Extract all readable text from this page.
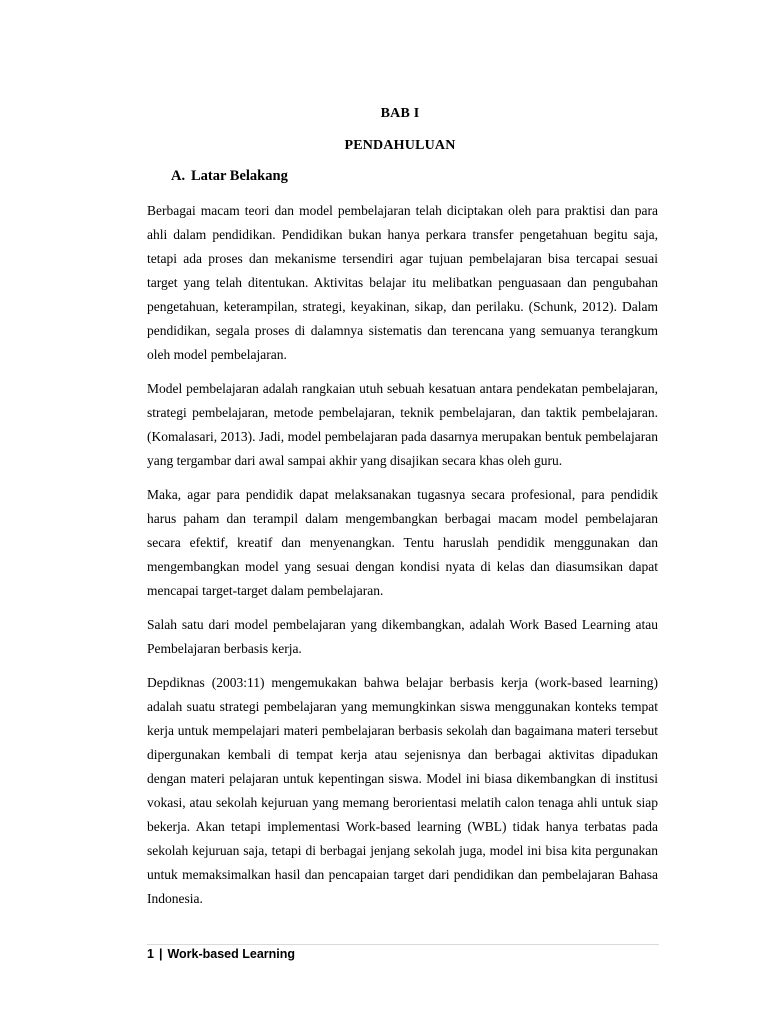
BAB I
PENDAHULUAN
A. Latar Belakang

Berbagai macam teori dan model pembelajaran telah diciptakan oleh para praktisi dan para ahli dalam pendidikan. Pendidikan bukan hanya perkara transfer pengetahuan begitu saja, tetapi ada proses dan mekanisme tersendiri agar tujuan pembelajaran bisa tercapai sesuai target yang telah ditentukan. Aktivitas belajar itu melibatkan penguasaan dan pengubahan pengetahuan, keterampilan, strategi, keyakinan, sikap, dan perilaku. (Schunk, 2012). Dalam pendidikan, segala proses di dalamnya sistematis dan terencana yang semuanya terangkum oleh model pembelajaran.

Model pembelajaran adalah rangkaian utuh sebuah kesatuan antara pendekatan pembelajaran, strategi pembelajaran, metode pembelajaran, teknik pembelajaran, dan taktik pembelajaran. (Komalasari, 2013). Jadi, model pembelajaran pada dasarnya merupakan bentuk pembelajaran yang tergambar dari awal sampai akhir yang disajikan secara khas oleh guru.

Maka, agar para pendidik dapat melaksanakan tugasnya secara profesional, para pendidik harus paham dan terampil dalam mengembangkan berbagai macam model pembelajaran secara efektif, kreatif dan menyenangkan. Tentu haruslah pendidik menggunakan dan mengembangkan model yang sesuai dengan kondisi nyata di kelas dan diasumsikan dapat mencapai target-target dalam pembelajaran.

Salah satu dari model pembelajaran yang dikembangkan, adalah Work Based Learning atau Pembelajaran berbasis kerja.

Depdiknas (2003:11) mengemukakan bahwa belajar berbasis kerja (work-based learning) adalah suatu strategi pembelajaran yang memungkinkan siswa menggunakan konteks tempat kerja untuk mempelajari materi pembelajaran berbasis sekolah dan bagaimana materi tersebut dipergunakan kembali di tempat kerja atau sejenisnya dan berbagai aktivitas dipadukan dengan materi pelajaran untuk kepentingan siswa. Model ini biasa dikembangkan di institusi vokasi, atau sekolah kejuruan yang memang berorientasi melatih calon tenaga ahli untuk siap bekerja. Akan tetapi implementasi Work-based learning (WBL) tidak hanya terbatas pada sekolah kejuruan saja, tetapi di berbagai jenjang sekolah juga, model ini bisa kita pergunakan untuk memaksimalkan hasil dan pencapaian target dari pendidikan dan pembelajaran Bahasa Indonesia.

1 | Work-based Learning
